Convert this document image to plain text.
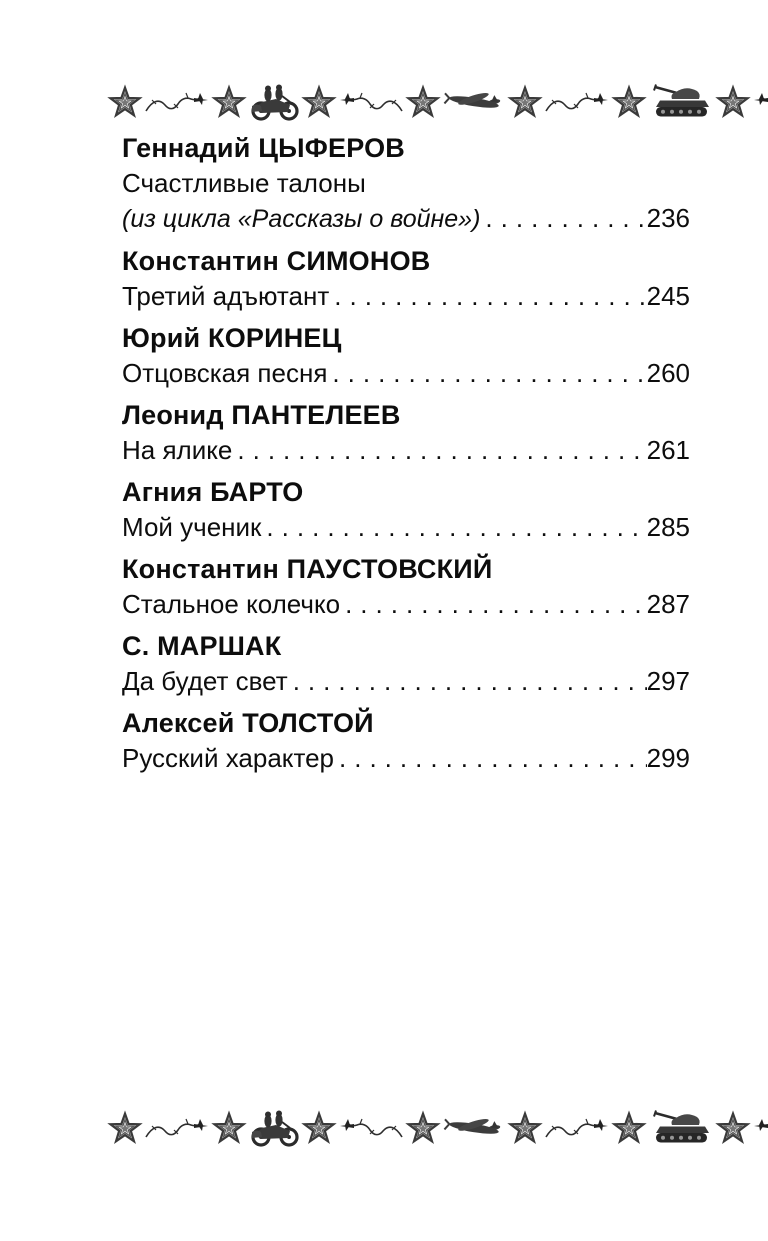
Геннадий ЦЫФЕРОВ
Счастливые талоны
(из цикла «Рассказы о войне») .....	236
Константин СИМОНОВ
Третий адъютант .....	245
Юрий КОРИНЕЦ
Отцовская песня .....	260
Леонид ПАНТЕЛЕЕВ
На ялике .....	261
Агния БАРТО
Мой ученик .....	285
Константин ПАУСТОВСКИЙ
Стальное колечко .....	287
С. МАРШАК
Да будет свет .....	297
Алексей ТОЛСТОЙ
Русский характер .....	299
